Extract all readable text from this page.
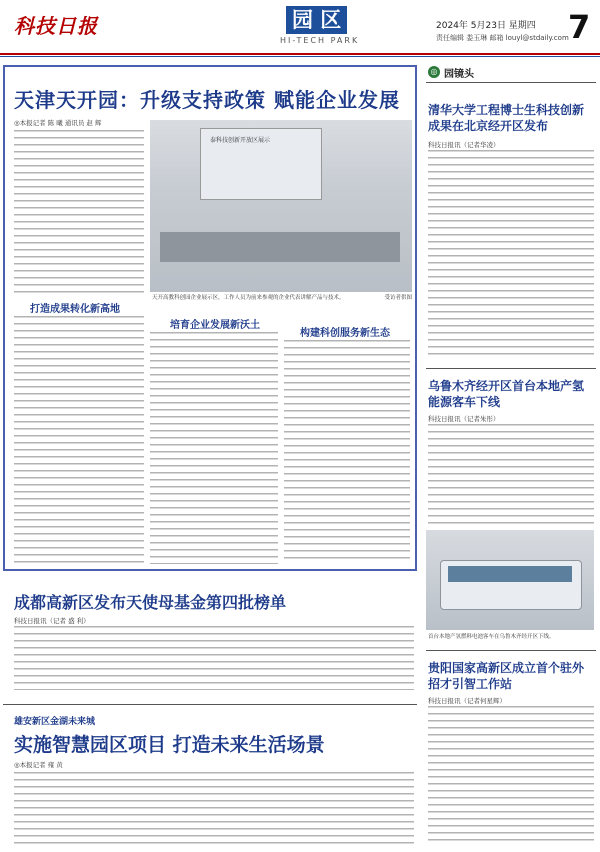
科技日报	园 区
HI-TECH PARK
2024年 5月23日 星期四
责任编辑 娄玉琳 邮箱 louyl@stdaily.com 7
天津天开园：升级支持政策 赋能企业发展
◎本报记者 陈 曦 通讯员 赵 辉
打造成果转化新高地
泰科技创新开放区展示
天开高教科创园企业展示区，工作人员为前来参观的企业代表讲解产品与技术。	受访者供图
培育企业发展新沃土
构建科创服务新生态
◎ 园镜头
清华大学工程博士生科技创新成果在北京经开区发布
科技日报讯（记者华凌）
乌鲁木齐经开区首台本地产氢能源客车下线
科技日报讯（记者朱彤）
首台本地产氢燃料电池客车在乌鲁木齐经开区下线。
贵阳国家高新区成立首个驻外招才引智工作站
科技日报讯（记者何星辉）
成都高新区发布天使母基金第四批榜单
科技日报讯（记者 盛 利）
雄安新区金湖未来城
实施智慧园区项目 打造未来生活场景
◎本报记者 雍 黄
